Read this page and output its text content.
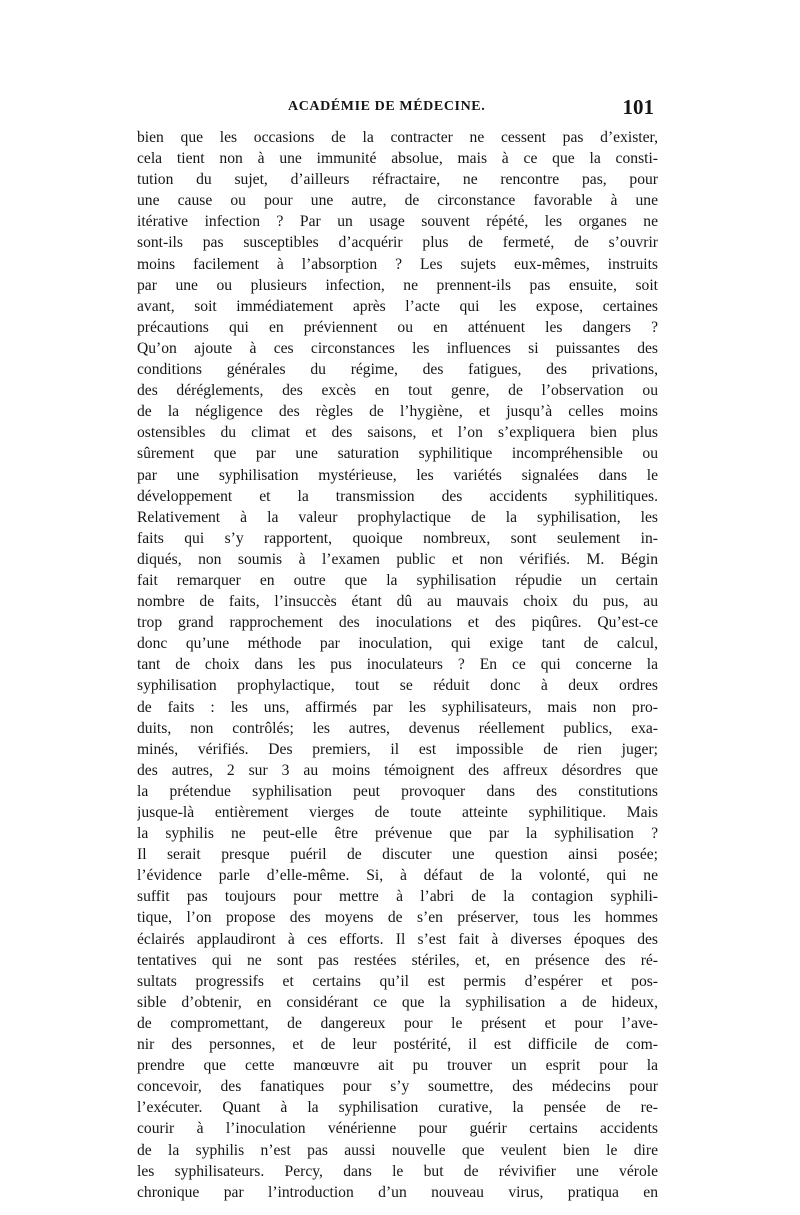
ACADÉMIE DE MÉDECINE.	101
bien que les occasions de la contracter ne cessent pas d’exister,
cela tient non à une immunité absolue, mais à ce que la consti-
tution du sujet, d’ailleurs réfractaire, ne rencontre pas, pour
une cause ou pour une autre, de circonstance favorable à une
itérative infection ? Par un usage souvent répété, les organes ne
sont-ils pas susceptibles d’acquérir plus de fermeté, de s’ouvrir
moins facilement à l’absorption ? Les sujets eux-mêmes, instruits
par une ou plusieurs infection, ne prennent-ils pas ensuite, soit
avant, soit immédiatement après l’acte qui les expose, certaines
précautions qui en préviennent ou en atténuent les dangers ?
Qu’on ajoute à ces circonstances les influences si puissantes des
conditions générales du régime, des fatigues, des privations,
des déréglements, des excès en tout genre, de l’observation ou
de la négligence des règles de l’hygiène, et jusqu’à celles moins
ostensibles du climat et des saisons, et l’on s’expliquera bien plus
sûrement que par une saturation syphilitique incompréhensible ou
par une syphilisation mystérieuse, les variétés signalées dans le
développement et la transmission des accidents syphilitiques.
Relativement à la valeur prophylactique de la syphilisation, les
faits qui s’y rapportent, quoique nombreux, sont seulement in-
diqués, non soumis à l’examen public et non vérifiés. M. Bégin
fait remarquer en outre que la syphilisation répudie un certain
nombre de faits, l’insuccès étant dû au mauvais choix du pus, au
trop grand rapprochement des inoculations et des piqûres. Qu’est-ce
donc qu’une méthode par inoculation, qui exige tant de calcul,
tant de choix dans les pus inoculateurs ? En ce qui concerne la
syphilisation prophylactique, tout se réduit donc à deux ordres
de faits : les uns, affirmés par les syphilisateurs, mais non pro-
duits, non contrôlés; les autres, devenus réellement publics, exa-
minés, vérifiés. Des premiers, il est impossible de rien juger;
des autres, 2 sur 3 au moins témoignent des affreux désordres que
la prétendue syphilisation peut provoquer dans des constitutions
jusque-là entièrement vierges de toute atteinte syphilitique. Mais
la syphilis ne peut-elle être prévenue que par la syphilisation ?
Il serait presque puéril de discuter une question ainsi posée;
l’évidence parle d’elle-même. Si, à défaut de la volonté, qui ne
suffit pas toujours pour mettre à l’abri de la contagion syphili-
tique, l’on propose des moyens de s’en préserver, tous les hommes
éclairés applaudiront à ces efforts. Il s’est fait à diverses époques des
tentatives qui ne sont pas restées stériles, et, en présence des ré-
sultats progressifs et certains qu’il est permis d’espérer et pos-
sible d’obtenir, en considérant ce que la syphilisation a de hideux,
de compromettant, de dangereux pour le présent et pour l’ave-
nir des personnes, et de leur postérité, il est difficile de com-
prendre que cette manœuvre ait pu trouver un esprit pour la
concevoir, des fanatiques pour s’y soumettre, des médecins pour
l’exécuter. Quant à la syphilisation curative, la pensée de re-
courir à l’inoculation vénérienne pour guérir certains accidents
de la syphilis n’est pas aussi nouvelle que veulent bien le dire
les syphilisateurs. Percy, dans le but de réviviﬁer une vérole
chronique par l’introduction d’un nouveau virus, pratiqua en
